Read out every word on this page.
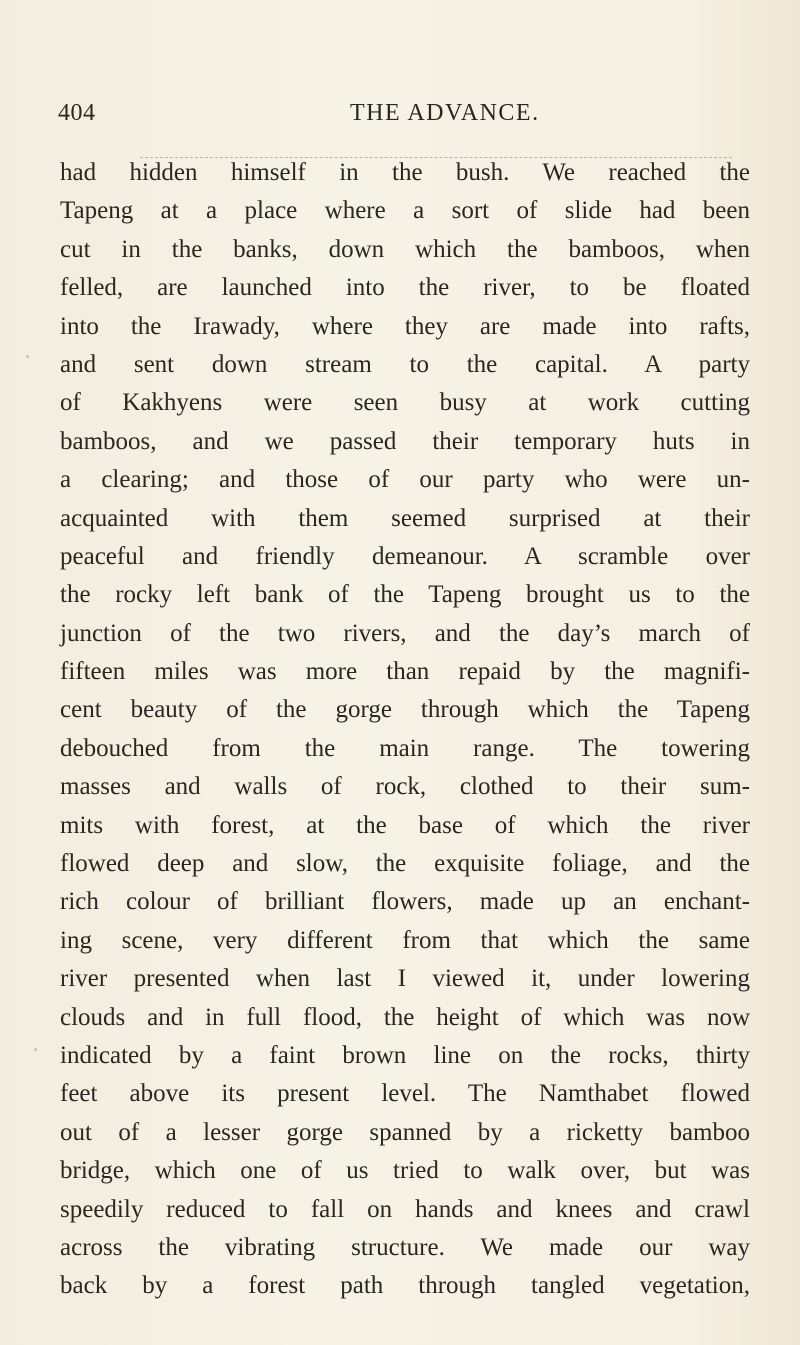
404	THE ADVANCE.
had hidden himself in the bush. We reached the
Tapeng at a place where a sort of slide had been
cut in the banks, down which the bamboos, when
felled, are launched into the river, to be floated
into the Irawady, where they are made into rafts,
and sent down stream to the capital. A party
of Kakhyens were seen busy at work cutting
bamboos, and we passed their temporary huts in
a clearing; and those of our party who were un-
acquainted with them seemed surprised at their
peaceful and friendly demeanour. A scramble over
the rocky left bank of the Tapeng brought us to the
junction of the two rivers, and the day’s march of
fifteen miles was more than repaid by the magnifi-
cent beauty of the gorge through which the Tapeng
debouched from the main range. The towering
masses and walls of rock, clothed to their sum-
mits with forest, at the base of which the river
flowed deep and slow, the exquisite foliage, and the
rich colour of brilliant flowers, made up an enchant-
ing scene, very different from that which the same
river presented when last I viewed it, under lowering
clouds and in full flood, the height of which was now
indicated by a faint brown line on the rocks, thirty
feet above its present level. The Namthabet flowed
out of a lesser gorge spanned by a ricketty bamboo
bridge, which one of us tried to walk over, but was
speedily reduced to fall on hands and knees and crawl
across the vibrating structure. We made our way
back by a forest path through tangled vegetation,
